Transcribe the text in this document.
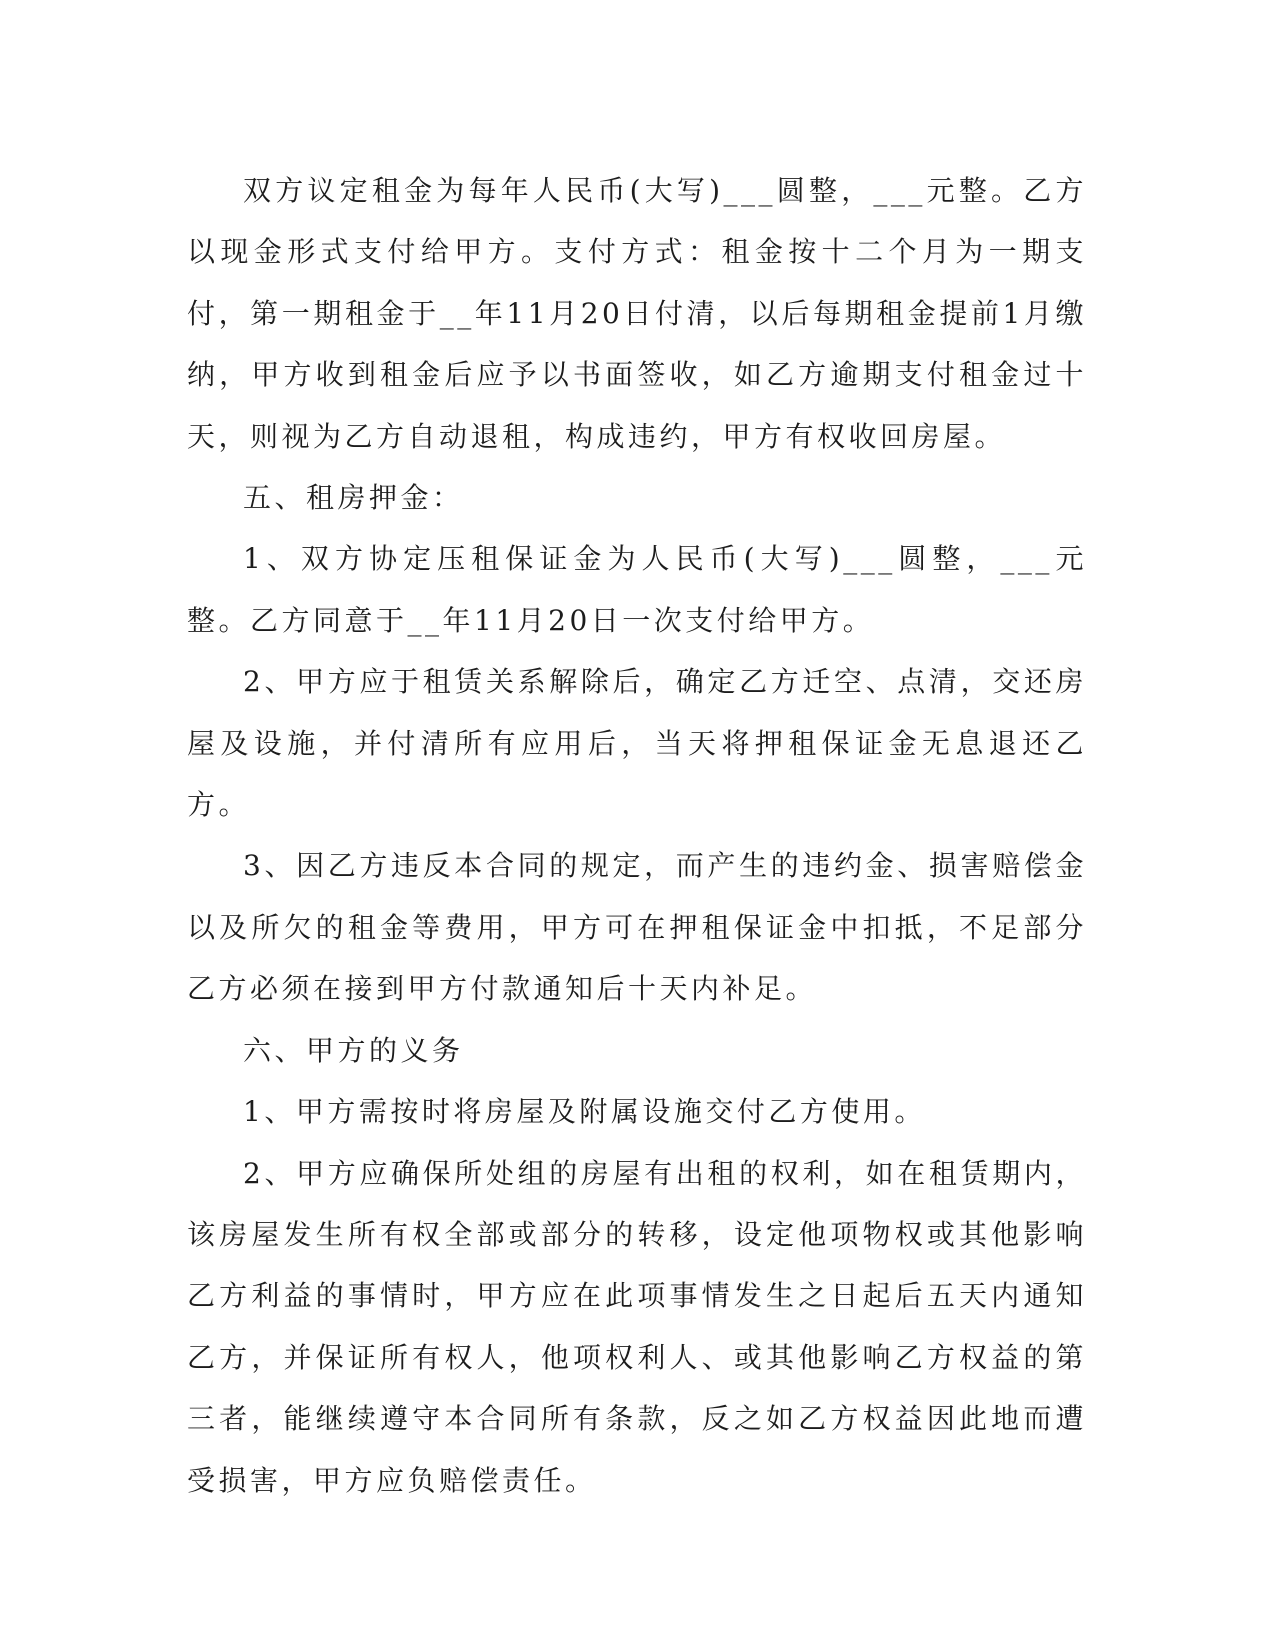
双方议定租金为每年人民币(大写)___圆整，___元整。乙方以现金形式支付给甲方。支付方式：租金按十二个月为一期支付，第一期租金于__年11月20日付清，以后每期租金提前1月缴纳，甲方收到租金后应予以书面签收，如乙方逾期支付租金过十天，则视为乙方自动退租，构成违约，甲方有权收回房屋。

五、租房押金：

1、双方协定压租保证金为人民币(大写)___圆整，___元整。乙方同意于__年11月20日一次支付给甲方。

2、甲方应于租赁关系解除后，确定乙方迁空、点清，交还房屋及设施，并付清所有应用后，当天将押租保证金无息退还乙方。

3、因乙方违反本合同的规定，而产生的违约金、损害赔偿金以及所欠的租金等费用，甲方可在押租保证金中扣抵，不足部分乙方必须在接到甲方付款通知后十天内补足。

六、甲方的义务

1、甲方需按时将房屋及附属设施交付乙方使用。

2、甲方应确保所处组的房屋有出租的权利，如在租赁期内，该房屋发生所有权全部或部分的转移，设定他项物权或其他影响乙方利益的事情时，甲方应在此项事情发生之日起后五天内通知乙方，并保证所有权人，他项权利人、或其他影响乙方权益的第三者，能继续遵守本合同所有条款，反之如乙方权益因此地而遭受损害，甲方应负赔偿责任。
